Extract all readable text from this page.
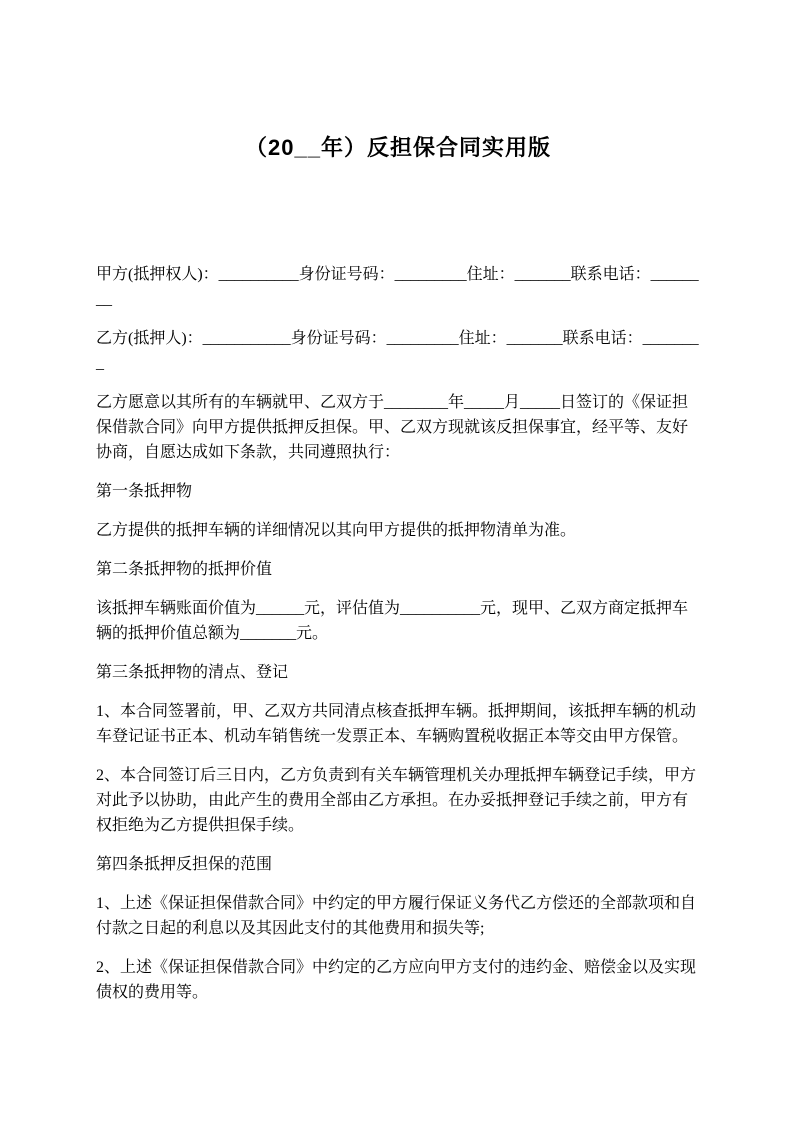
（20__年）反担保合同实用版

甲方(抵押权人)：__________身份证号码：_________住址：_______联系电话：________

乙方(抵押人)：___________身份证号码：_________住址：_______联系电话：________

乙方愿意以其所有的车辆就甲、乙双方于________年_____月_____日签订的《保证担保借款合同》向甲方提供抵押反担保。甲、乙双方现就该反担保事宜，经平等、友好协商，自愿达成如下条款，共同遵照执行：

第一条抵押物

乙方提供的抵押车辆的详细情况以其向甲方提供的抵押物清单为准。

第二条抵押物的抵押价值

该抵押车辆账面价值为______元，评估值为__________元，现甲、乙双方商定抵押车辆的抵押价值总额为_______元。

第三条抵押物的清点、登记

1、本合同签署前，甲、乙双方共同清点核查抵押车辆。抵押期间，该抵押车辆的机动车登记证书正本、机动车销售统一发票正本、车辆购置税收据正本等交由甲方保管。

2、本合同签订后三日内，乙方负责到有关车辆管理机关办理抵押车辆登记手续，甲方对此予以协助，由此产生的费用全部由乙方承担。在办妥抵押登记手续之前，甲方有权拒绝为乙方提供担保手续。

第四条抵押反担保的范围

1、上述《保证担保借款合同》中约定的甲方履行保证义务代乙方偿还的全部款项和自付款之日起的利息以及其因此支付的其他费用和损失等;

2、上述《保证担保借款合同》中约定的乙方应向甲方支付的违约金、赔偿金以及实现债权的费用等。
